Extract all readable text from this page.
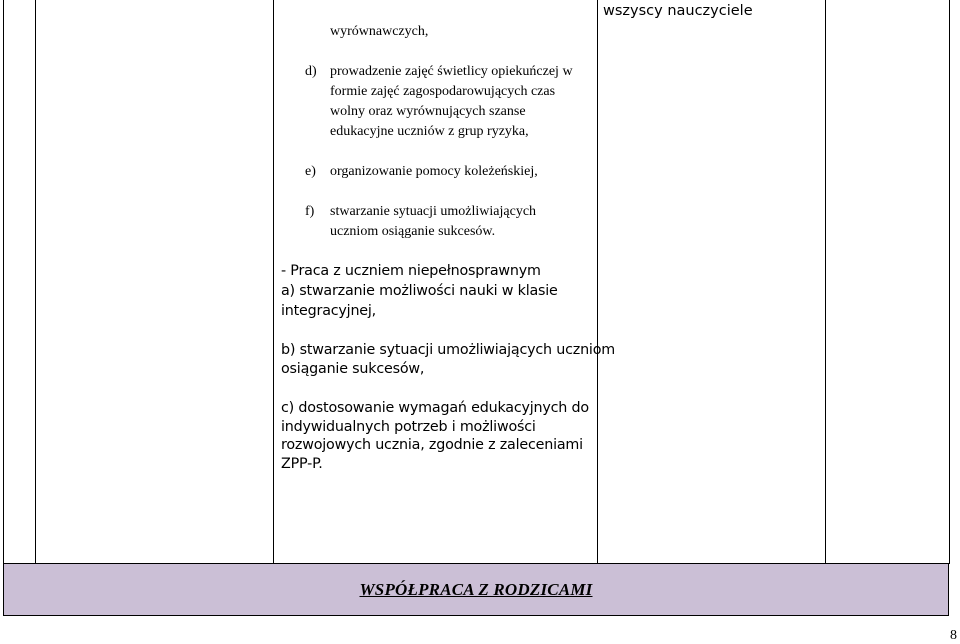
wszyscy nauczyciele
wyrównawczych,
d) prowadzenie zajęć świetlicy opiekuńczej w
formie zajęć zagospodarowujących czas
wolny oraz wyrównujących szanse
edukacyjne uczniów z grup ryzyka,
e) organizowanie pomocy koleżeńskiej,
f) stwarzanie sytuacji umożliwiających
uczniom osiąganie sukcesów.
- Praca z uczniem niepełnosprawnym
a) stwarzanie możliwości nauki w klasie
integracyjnej,
b) stwarzanie sytuacji umożliwiających uczniom
osiąganie sukcesów,
c) dostosowanie wymagań edukacyjnych do
indywidualnych potrzeb i możliwości
rozwojowych ucznia, zgodnie z zaleceniami
ZPP-P.
WSPÓŁPRACA Z RODZICAMI
8
